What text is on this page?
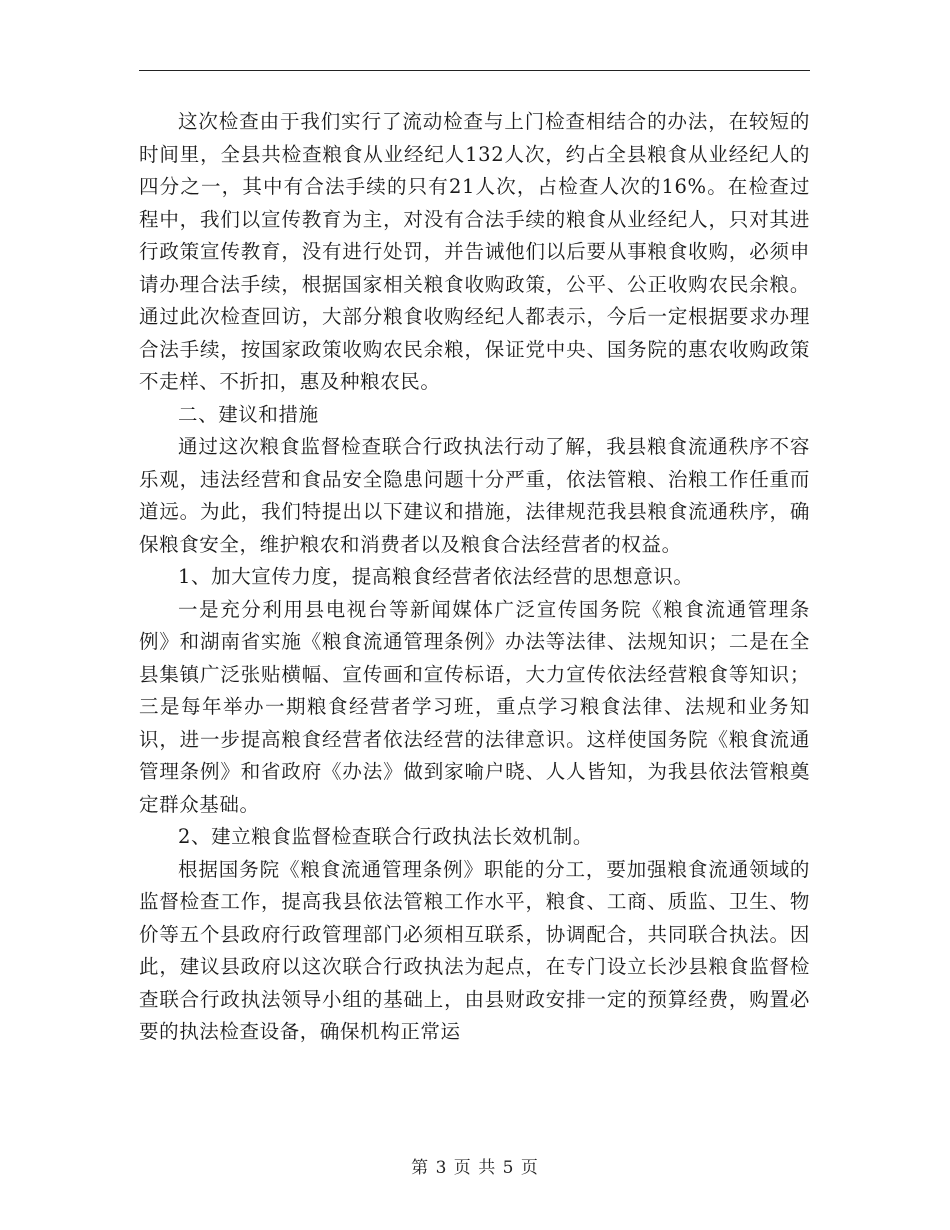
这次检查由于我们实行了流动检查与上门检查相结合的办法，在较短的时间里，全县共检查粮食从业经纪人132人次，约占全县粮食从业经纪人的四分之一，其中有合法手续的只有21人次，占检查人次的16%。在检查过程中，我们以宣传教育为主，对没有合法手续的粮食从业经纪人，只对其进行政策宣传教育，没有进行处罚，并告诫他们以后要从事粮食收购，必须申请办理合法手续，根据国家相关粮食收购政策，公平、公正收购农民余粮。通过此次检查回访，大部分粮食收购经纪人都表示，今后一定根据要求办理合法手续，按国家政策收购农民余粮，保证党中央、国务院的惠农收购政策不走样、不折扣，惠及种粮农民。

二、建议和措施

通过这次粮食监督检查联合行政执法行动了解，我县粮食流通秩序不容乐观，违法经营和食品安全隐患问题十分严重，依法管粮、治粮工作任重而道远。为此，我们特提出以下建议和措施，法律规范我县粮食流通秩序，确保粮食安全，维护粮农和消费者以及粮食合法经营者的权益。

1、加大宣传力度，提高粮食经营者依法经营的思想意识。

一是充分利用县电视台等新闻媒体广泛宣传国务院《粮食流通管理条例》和湖南省实施《粮食流通管理条例》办法等法律、法规知识；二是在全县集镇广泛张贴横幅、宣传画和宣传标语，大力宣传依法经营粮食等知识；三是每年举办一期粮食经营者学习班，重点学习粮食法律、法规和业务知识，进一步提高粮食经营者依法经营的法律意识。这样使国务院《粮食流通管理条例》和省政府《办法》做到家喻户晓、人人皆知，为我县依法管粮奠定群众基础。

2、建立粮食监督检查联合行政执法长效机制。

根据国务院《粮食流通管理条例》职能的分工，要加强粮食流通领域的监督检查工作，提高我县依法管粮工作水平，粮食、工商、质监、卫生、物价等五个县政府行政管理部门必须相互联系，协调配合，共同联合执法。因此，建议县政府以这次联合行政执法为起点，在专门设立长沙县粮食监督检查联合行政执法领导小组的基础上，由县财政安排一定的预算经费，购置必要的执法检查设备，确保机构正常运

第 3 页 共 5 页
